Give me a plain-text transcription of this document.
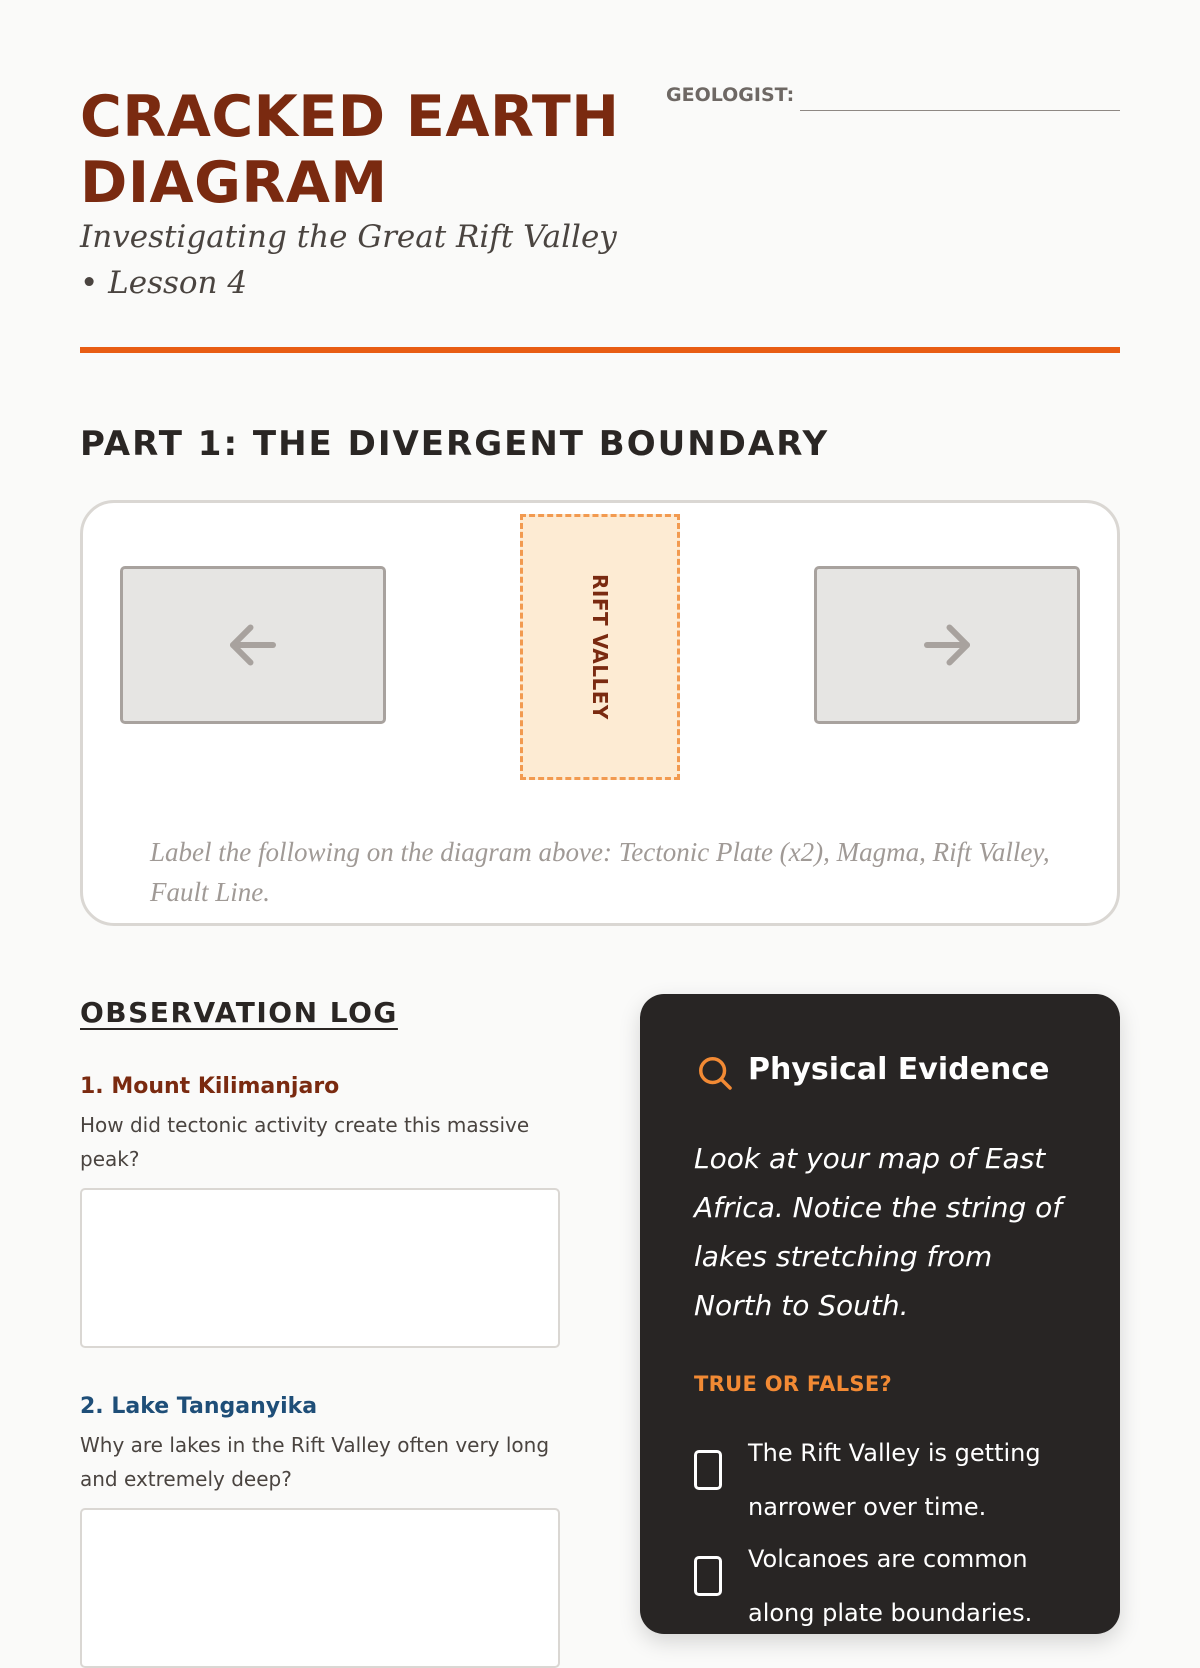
CRACKED EARTH DIAGRAM
Investigating the Great Rift Valley • Lesson 4
GEOLOGIST:
PART 1: THE DIVERGENT BOUNDARY
RIFT VALLEY
Label the following on the diagram above: Tectonic Plate (x2), Magma, Rift Valley, Fault Line.
OBSERVATION LOG
1. Mount Kilimanjaro
How did tectonic activity create this massive peak?
2. Lake Tanganyika
Why are lakes in the Rift Valley often very long and extremely deep?
Physical Evidence
Look at your map of East Africa. Notice the string of lakes stretching from North to South.
TRUE OR FALSE?
The Rift Valley is getting narrower over time.
Volcanoes are common along plate boundaries.
